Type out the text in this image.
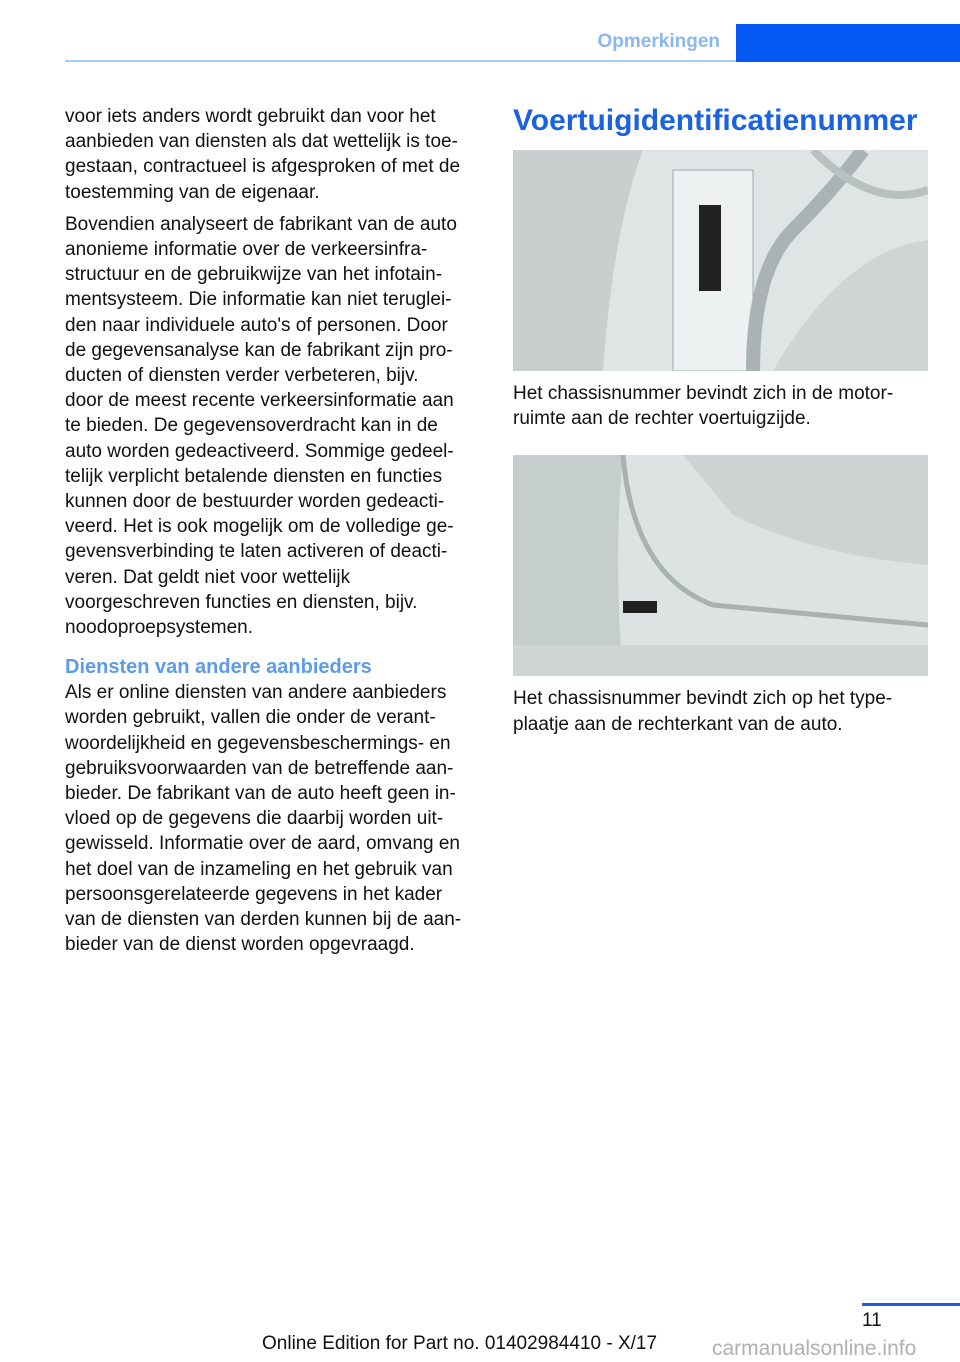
Opmerkingen

voor iets anders wordt gebruikt dan voor het

aanbieden van diensten als dat wettelijk is toe-

gestaan, contractueel is afgesproken of met de

toestemming van de eigenaar.

Bovendien analyseert de fabrikant van de auto

anonieme informatie over de verkeersinfra-

structuur en de gebruikwijze van het infotain-

mentsysteem. Die informatie kan niet teruglei-

den naar individuele auto's of personen. Door

de gegevensanalyse kan de fabrikant zijn pro-

ducten of diensten verder verbeteren, bijv.

door de meest recente verkeersinformatie aan

te bieden. De gegevensoverdracht kan in de

auto worden gedeactiveerd. Sommige gedeel-

telijk verplicht betalende diensten en functies

kunnen door de bestuurder worden gedeacti-

veerd. Het is ook mogelijk om de volledige ge-

gevensverbinding te laten activeren of deacti-

veren. Dat geldt niet voor wettelijk

voorgeschreven functies en diensten, bijv.

noodoproepsystemen.

Diensten van andere aanbieders

Als er online diensten van andere aanbieders

worden gebruikt, vallen die onder de verant-

woordelijkheid en gegevensbeschermings- en

gebruiksvoorwaarden van de betreffende aan-

bieder. De fabrikant van de auto heeft geen in-

vloed op de gegevens die daarbij worden uit-

gewisseld. Informatie over de aard, omvang en

het doel van de inzameling en het gebruik van

persoonsgerelateerde gegevens in het kader

van de diensten van derden kunnen bij de aan-

bieder van de dienst worden opgevraagd.

Voertuigidentificatienummer

Het chassisnummer bevindt zich in de motor-

ruimte aan de rechter voertuigzijde.

Het chassisnummer bevindt zich op het type-

plaatje aan de rechterkant van de auto.

11
Online Edition for Part no. 01402984410 - X/17	carmanualsonline.info
